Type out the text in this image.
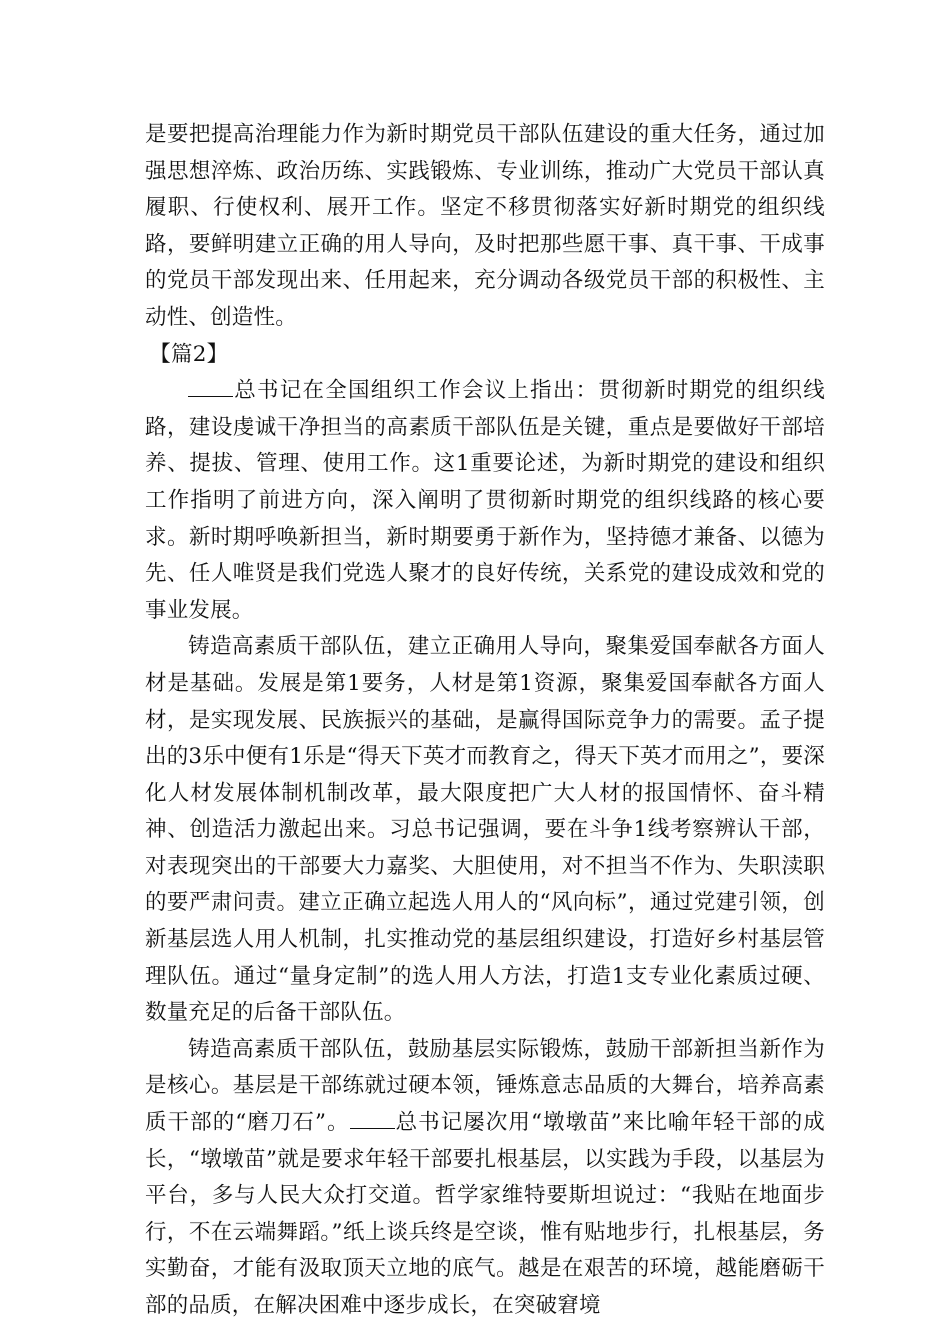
是要把提高治理能力作为新时期党员干部队伍建设的重大任务，通过加强思想淬炼、政治历练、实践锻炼、专业训练，推动广大党员干部认真履职、行使权利、展开工作。坚定不移贯彻落实好新时期党的组织线路，要鲜明建立正确的用人导向，及时把那些愿干事、真干事、干成事的党员干部发现出来、任用起来，充分调动各级党员干部的积极性、主动性、创造性。

【篇2】

总书记在全国组织工作会议上指出：贯彻新时期党的组织线路，建设虔诚干净担当的高素质干部队伍是关键，重点是要做好干部培养、提拔、管理、使用工作。这1重要论述，为新时期党的建设和组织工作指明了前进方向，深入阐明了贯彻新时期党的组织线路的核心要求。新时期呼唤新担当，新时期要勇于新作为，坚持德才兼备、以德为先、任人唯贤是我们党选人聚才的良好传统，关系党的建设成效和党的事业发展。

铸造高素质干部队伍，建立正确用人导向，聚集爱国奉献各方面人材是基础。发展是第1要务，人材是第1资源，聚集爱国奉献各方面人材，是实现发展、民族振兴的基础，是赢得国际竞争力的需要。孟子提出的3乐中便有1乐是“得天下英才而教育之，得天下英才而用之”，要深化人材发展体制机制改革，最大限度把广大人材的报国情怀、奋斗精神、创造活力激起出来。习总书记强调，要在斗争1线考察辨认干部，对表现突出的干部要大力嘉奖、大胆使用，对不担当不作为、失职渎职的要严肃问责。建立正确立起选人用人的“风向标”，通过党建引领，创新基层选人用人机制，扎实推动党的基层组织建设，打造好乡村基层管理队伍。通过“量身定制”的选人用人方法，打造1支专业化素质过硬、数量充足的后备干部队伍。

铸造高素质干部队伍，鼓励基层实际锻炼，鼓励干部新担当新作为是核心。基层是干部练就过硬本领，锤炼意志品质的大舞台，培养高素质干部的“磨刀石”。 总书记屡次用“墩墩苗”来比喻年轻干部的成长，“墩墩苗”就是要求年轻干部要扎根基层，以实践为手段，以基层为平台，多与人民大众打交道。哲学家维特要斯坦说过：“我贴在地面步行，不在云端舞蹈。”纸上谈兵终是空谈，惟有贴地步行，扎根基层，务实勤奋，才能有汲取顶天立地的底气。越是在艰苦的环境，越能磨砺干部的品质，在解决困难中逐步成长，在突破窘境
